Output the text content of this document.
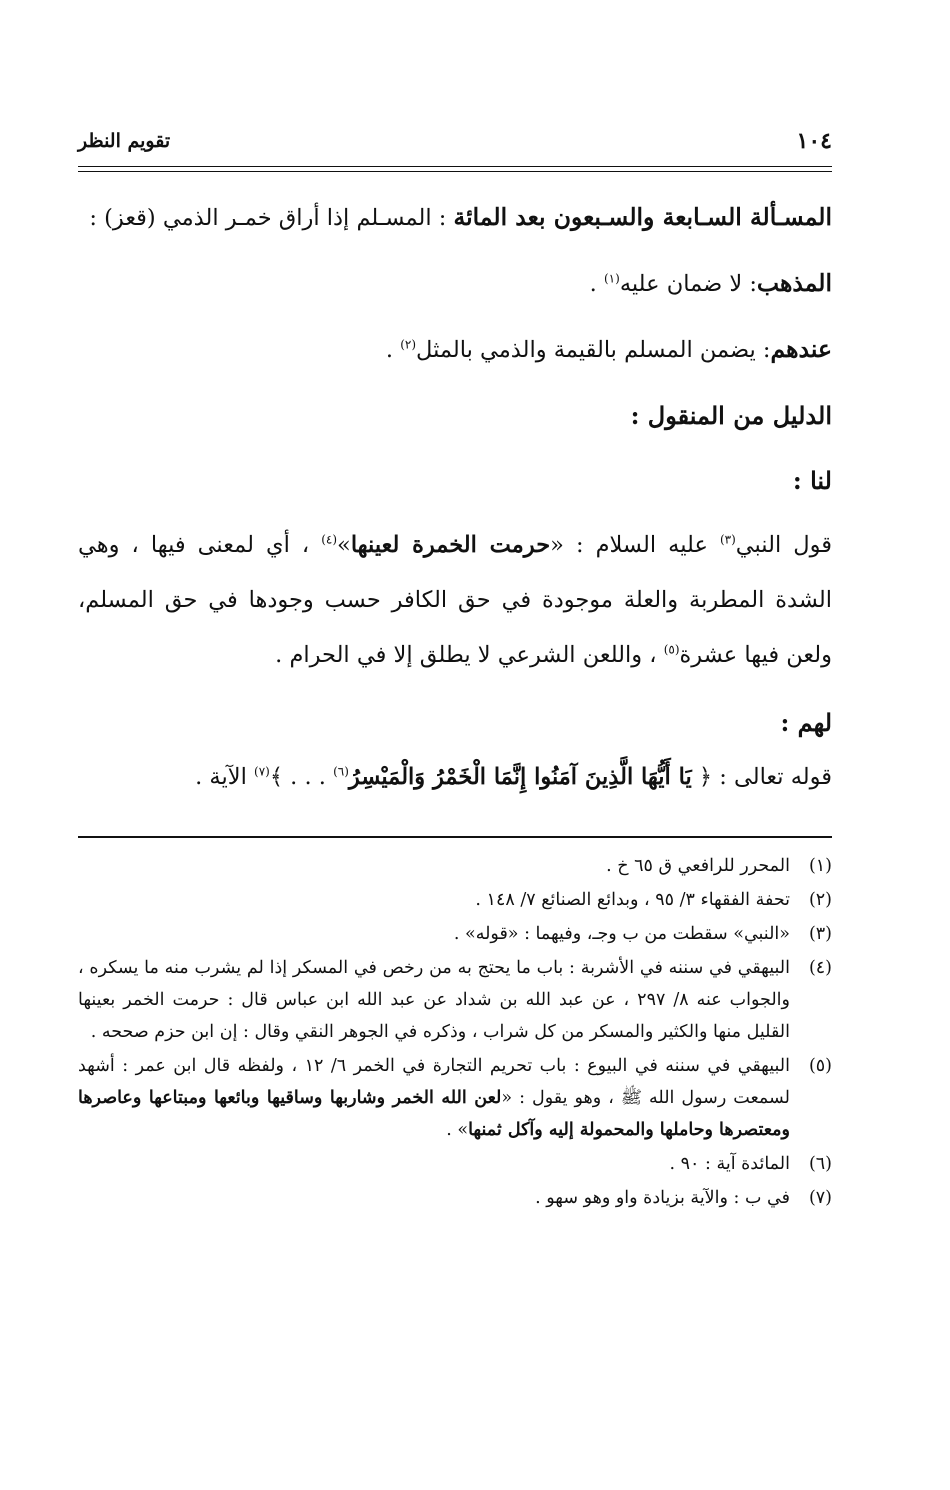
١٠٤
تقويم النظر

المسـألة السـابعة والسـبعون بعد المائة : المسـلم إذا أراق خمـر الذمي (قعز) :

المذهب: لا ضمان عليه$^{(١)}$ .

عندهم: يضمن المسلم بالقيمة والذمي بالمثل$^{(٢)}$ .

الدليل من المنقول :

لنا :

قول النبي$^{(٣)}$ عليه السلام : «حرمت الخمرة لعينها»$^{(٤)}$ ، أي لمعنى فيها ، وهي الشدة المطربة والعلة موجودة في حق الكافر حسب وجودها في حق المسلم، ولعن فيها عشرة$^{(٥)}$ ، واللعن الشرعي لا يطلق إلا في الحرام .

لهم :

قوله تعالى : ﴿ يَا أَيُّهَا الَّذِينَ آمَنُوا إِنَّمَا الْخَمْرُ وَالْمَيْسِرُ$^{(٦)}$ . . . ﴾$^{(٧)}$ الآية .

(١)
المحرر للرافعي ق ٦٥ خ .

(٢)
تحفة الفقهاء ٣/ ٩٥ ، وبدائع الصنائع ٧/ ١٤٨ .

(٣)
«النبي» سقطت من ب وجـ، وفيهما : «قوله» .

(٤)
البيهقي في سننه في الأشربة : باب ما يحتج به من رخص في المسكر إذا لم يشرب منه ما يسكره ، والجواب عنه ٨/ ٢٩٧ ، عن عبد الله بن شداد عن عبد الله ابن عباس قال : حرمت الخمر بعينها القليل منها والكثير والمسكر من كل شراب ، وذكره في الجوهر النقي وقال : إن ابن حزم صححه .

(٥)
البيهقي في سننه في البيوع : باب تحريم التجارة في الخمر ٦/ ١٢ ، ولفظه قال ابن عمر : أشهد لسمعت رسول الله ﷺ ، وهو يقول : «لعن الله الخمر وشاربها وساقيها وبائعها ومبتاعها وعاصرها ومعتصرها وحاملها والمحمولة إليه وآكل ثمنها» .

(٦)
المائدة آية : ٩٠ .

(٧)
في ب : والآية بزيادة واو وهو سهو .
